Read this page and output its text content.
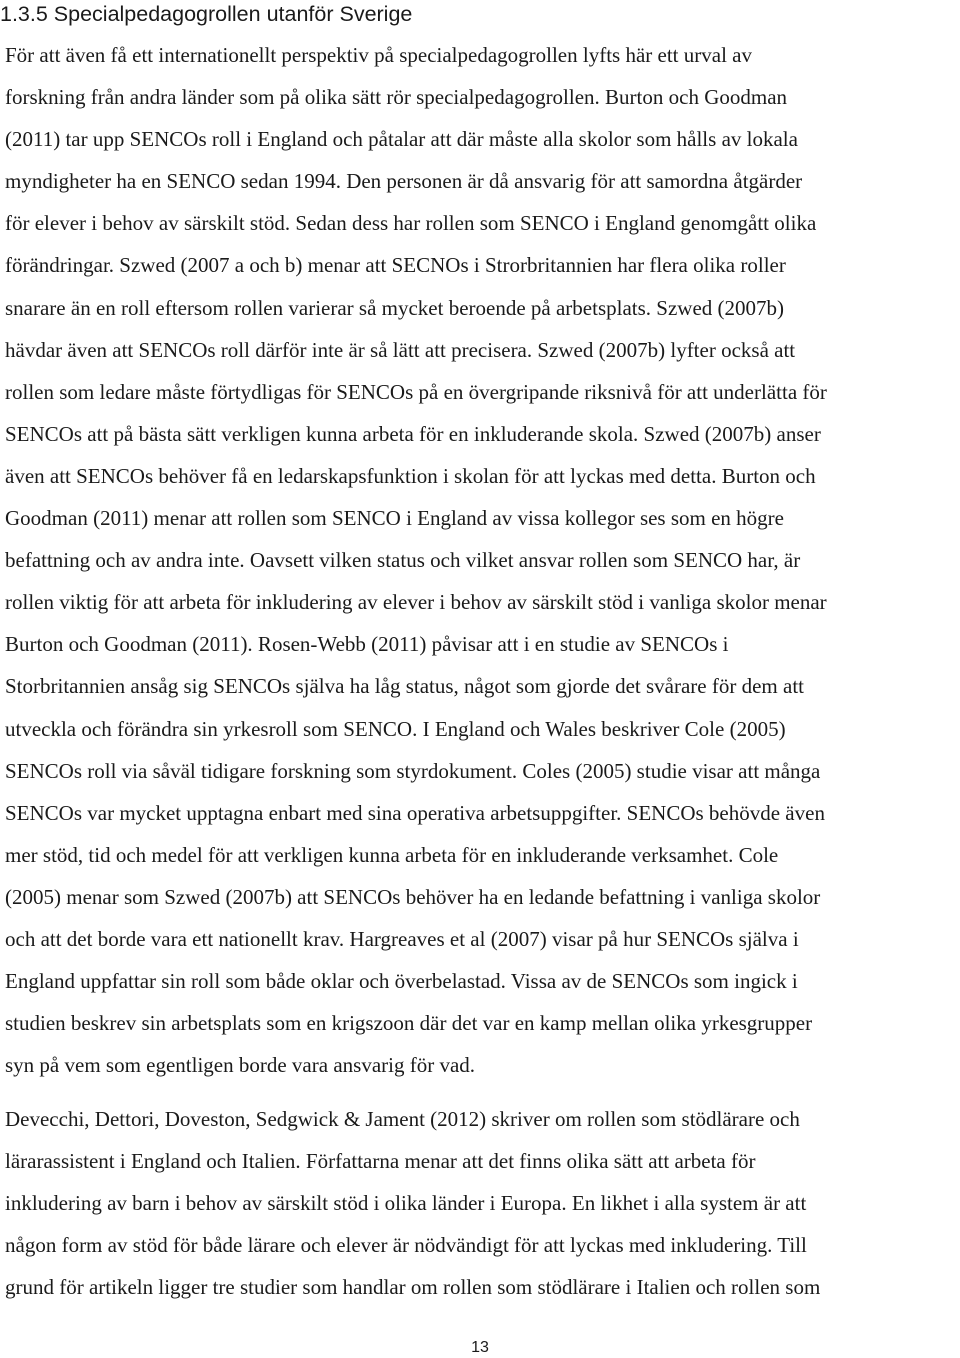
1.3.5 Specialpedagogrollen utanför Sverige
För att även få ett internationellt perspektiv på specialpedagogrollen lyfts här ett urval av
forskning från andra länder som på olika sätt rör specialpedagogrollen. Burton och Goodman
(2011) tar upp SENCOs roll i England och påtalar att där måste alla skolor som hålls av lokala
myndigheter ha en SENCO sedan 1994. Den personen är då ansvarig för att samordna åtgärder
för elever i behov av särskilt stöd. Sedan dess har rollen som SENCO i England genomgått olika
förändringar. Szwed (2007 a och b) menar att SECNOs i Strorbritannien har flera olika roller
snarare än en roll eftersom rollen varierar så mycket beroende på arbetsplats. Szwed (2007b)
hävdar även att SENCOs roll därför inte är så lätt att precisera. Szwed (2007b) lyfter också att
rollen som ledare måste förtydligas för SENCOs på en övergripande riksnivå för att underlätta för
SENCOs att på bästa sätt verkligen kunna arbeta för en inkluderande skola. Szwed (2007b) anser
även att SENCOs behöver få en ledarskapsfunktion i skolan för att lyckas med detta. Burton och
Goodman (2011) menar att rollen som SENCO i England av vissa kollegor ses som en högre
befattning och av andra inte. Oavsett vilken status och vilket ansvar rollen som SENCO har, är
rollen viktig för att arbeta för inkludering av elever i behov av särskilt stöd i vanliga skolor menar
Burton och Goodman (2011). Rosen-Webb (2011) påvisar att i en studie av SENCOs i
Storbritannien ansåg sig SENCOs själva ha låg status, något som gjorde det svårare för dem att
utveckla och förändra sin yrkesroll som SENCO. I England och Wales beskriver Cole (2005)
SENCOs roll via såväl tidigare forskning som styrdokument. Coles (2005) studie visar att många
SENCOs var mycket upptagna enbart med sina operativa arbetsuppgifter. SENCOs behövde även
mer stöd, tid och medel för att verkligen kunna arbeta för en inkluderande verksamhet. Cole
(2005) menar som Szwed (2007b) att SENCOs behöver ha en ledande befattning i vanliga skolor
och att det borde vara ett nationellt krav. Hargreaves et al (2007) visar på hur SENCOs själva i
England uppfattar sin roll som både oklar och överbelastad. Vissa av de SENCOs som ingick i
studien beskrev sin arbetsplats som en krigszoon där det var en kamp mellan olika yrkesgrupper
syn på vem som egentligen borde vara ansvarig för vad.
Devecchi, Dettori, Doveston, Sedgwick & Jament (2012) skriver om rollen som stödlärare och
lärarassistent i England och Italien. Författarna menar att det finns olika sätt att arbeta för
inkludering av barn i behov av särskilt stöd i olika länder i Europa. En likhet i alla system är att
någon form av stöd för både lärare och elever är nödvändigt för att lyckas med inkludering. Till
grund för artikeln ligger tre studier som handlar om rollen som stödlärare i Italien och rollen som
13
